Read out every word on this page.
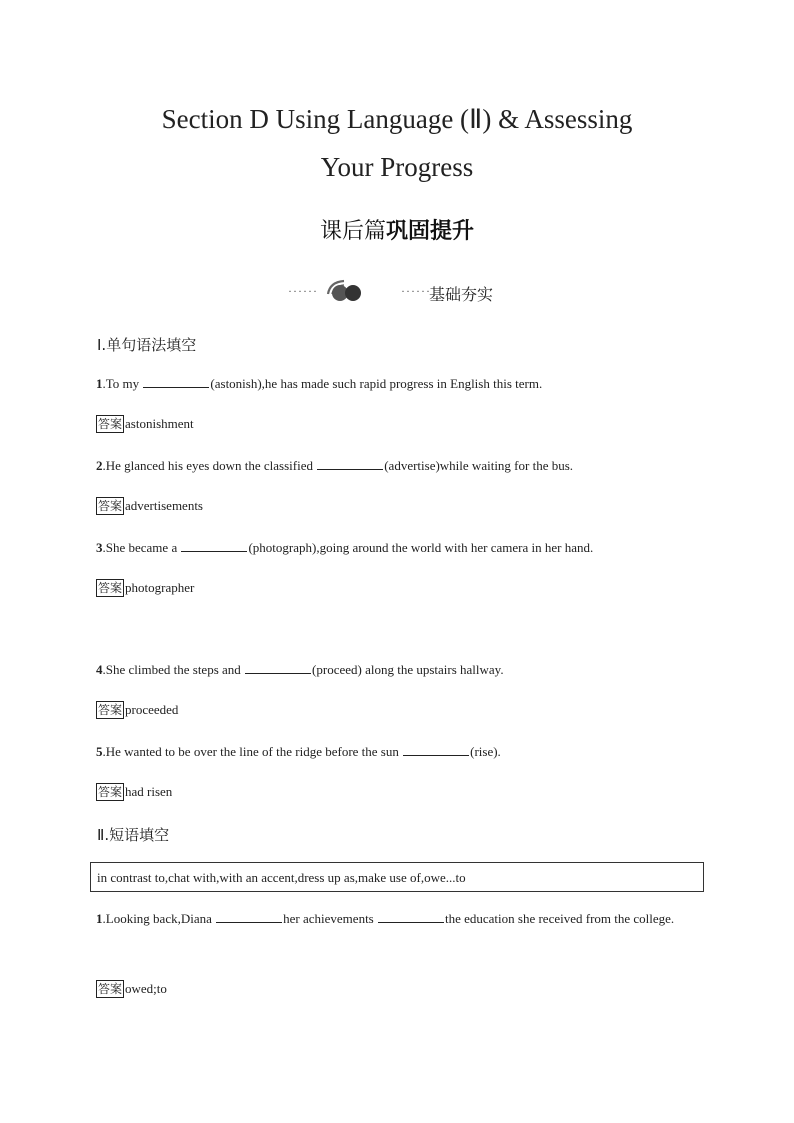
Section D Using Language (Ⅱ) & Assessing
Your Progress
课后篇巩固提升
······	······
基础夯实
Ⅰ.单句语法填空
1.To my	(astonish),he has made such rapid progress in English this term.
答案 astonishment
2.He glanced his eyes down the classified	(advertise)while waiting for the bus.
答案 advertisements
3.She became a	(photograph),going around the world with her camera in her hand.
答案 photographer
4.She climbed the steps and	(proceed) along the upstairs hallway.
答案 proceeded
5.He wanted to be over the line of the ridge before the sun	(rise).
答案 had risen
Ⅱ.短语填空
in contrast to,chat with,with an accent,dress up as,make use of,owe...to
1.Looking back,Diana	her achievements	the education she received from the college.
答案 owed;to
